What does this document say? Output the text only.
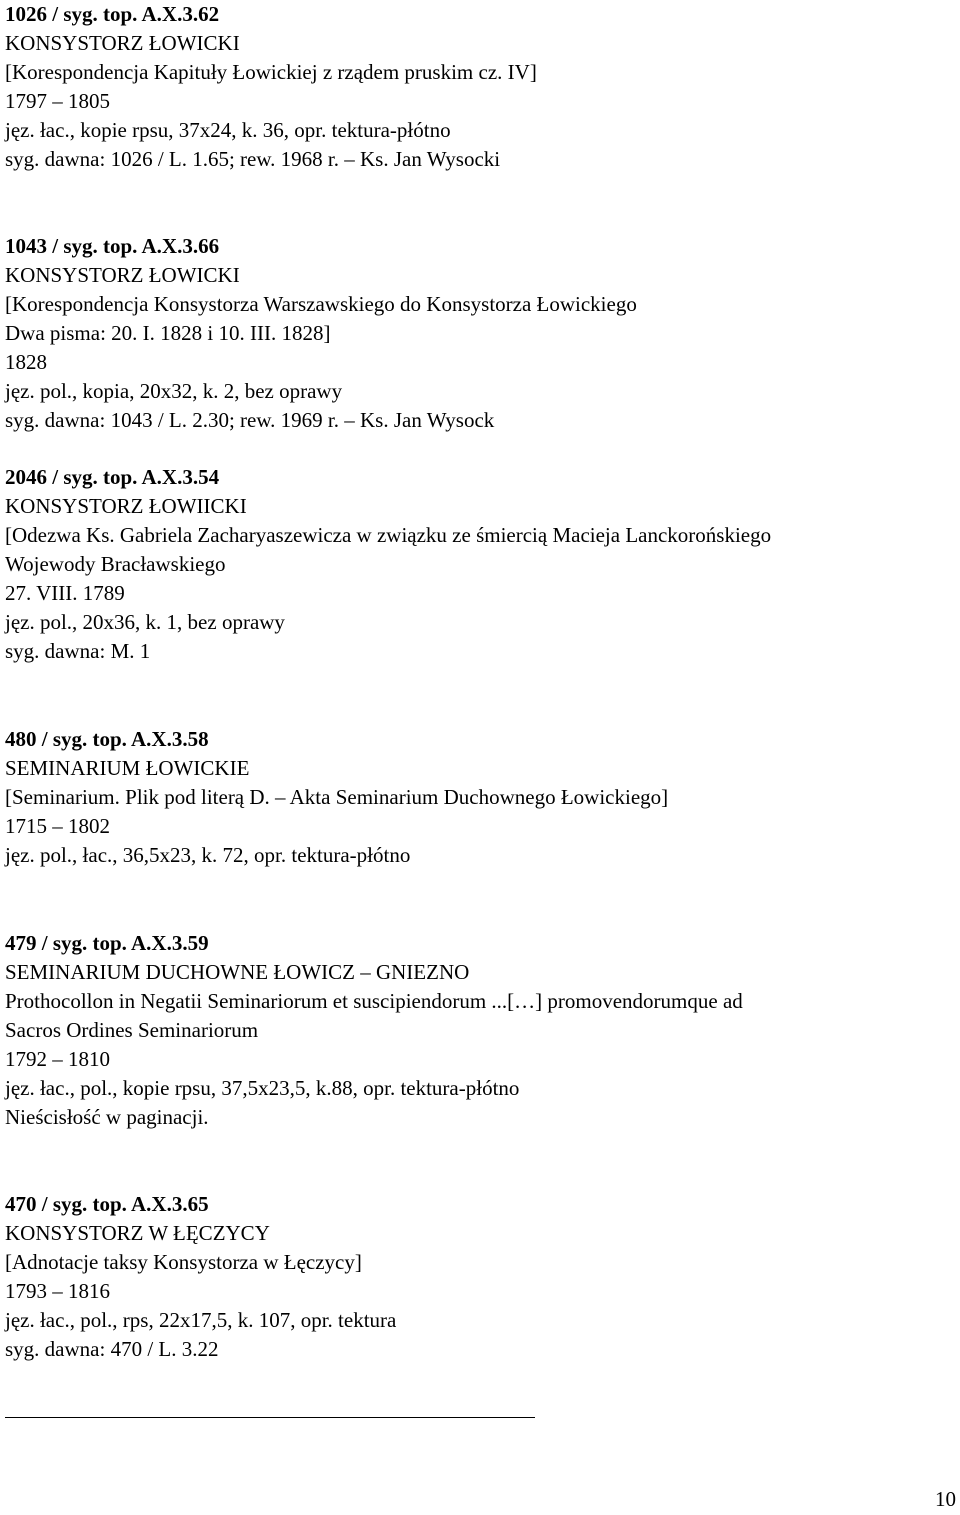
1026 / syg. top. A.X.3.62
KONSYSTORZ ŁOWICKI
[Korespondencja Kapituły Łowickiej z rządem pruskim cz. IV]
1797 – 1805
jęz. łac., kopie rpsu, 37x24, k. 36, opr. tektura-płótno
syg. dawna: 1026 / L. 1.65; rew. 1968 r. – Ks. Jan Wysocki
1043 / syg. top. A.X.3.66
KONSYSTORZ ŁOWICKI
[Korespondencja Konsystorza Warszawskiego do Konsystorza Łowickiego
Dwa pisma: 20. I. 1828 i 10. III. 1828]
1828
jęz. pol., kopia, 20x32, k. 2, bez oprawy
syg. dawna: 1043 / L. 2.30; rew. 1969 r. – Ks. Jan Wysock
2046 / syg. top. A.X.3.54
KONSYSTORZ ŁOWIICKI
[Odezwa Ks. Gabriela Zacharyaszewicza w związku ze śmiercią Macieja Lanckorońskiego
Wojewody Bracławskiego
27. VIII. 1789
jęz. pol., 20x36, k. 1, bez oprawy
syg. dawna: M. 1
480 / syg. top. A.X.3.58
SEMINARIUM ŁOWICKIE
[Seminarium. Plik pod literą D. – Akta Seminarium Duchownego Łowickiego]
1715 – 1802
jęz. pol., łac., 36,5x23, k. 72, opr. tektura-płótno
479 / syg. top. A.X.3.59
SEMINARIUM DUCHOWNE ŁOWICZ – GNIEZNO
Prothocollon in Negatii Seminariorum et suscipiendorum ...[…] promovendorumque ad
Sacros Ordines Seminariorum
1792 – 1810
jęz. łac., pol., kopie rpsu, 37,5x23,5, k.88, opr. tektura-płótno
Nieścisłość w paginacji.
470 / syg. top. A.X.3.65
KONSYSTORZ W ŁĘCZYCY
[Adnotacje taksy Konsystorza w Łęczycy]
1793 – 1816
jęz. łac., pol., rps, 22x17,5, k. 107, opr. tektura
syg. dawna: 470 / L. 3.22
10
